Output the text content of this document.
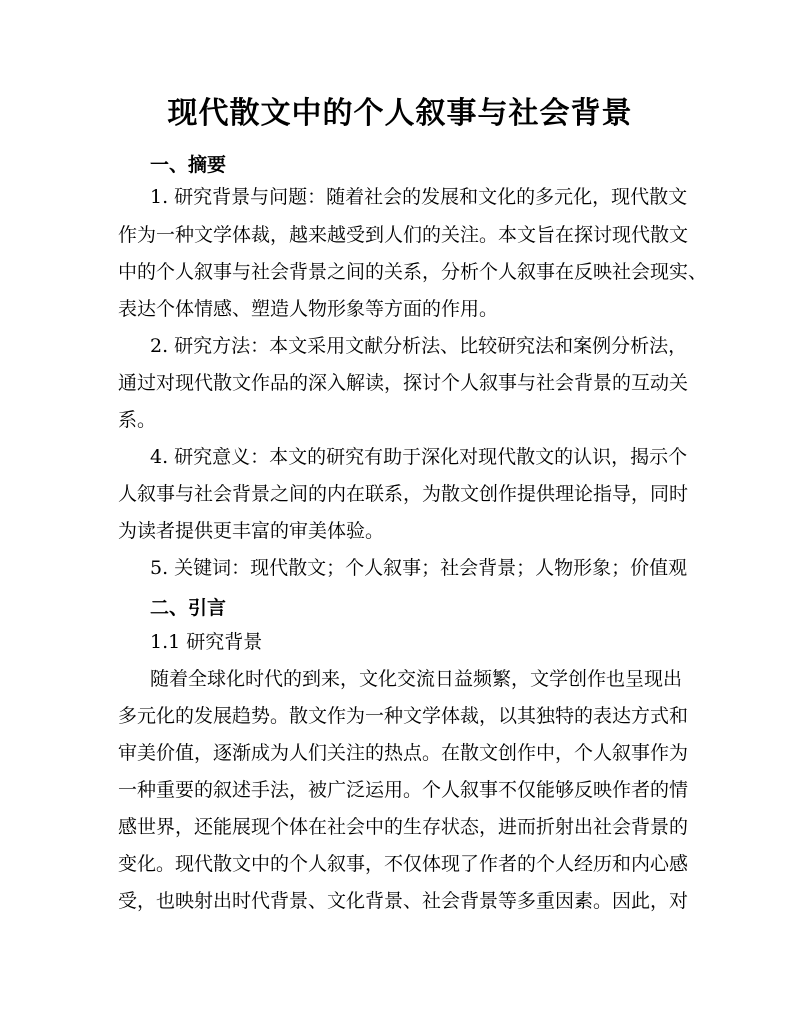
现代散文中的个人叙事与社会背景
一、摘要
1. 研究背景与问题：随着社会的发展和文化的多元化，现代散文
作为一种文学体裁，越来越受到人们的关注。本文旨在探讨现代散文
中的个人叙事与社会背景之间的关系，分析个人叙事在反映社会现实、
表达个体情感、塑造人物形象等方面的作用。
2. 研究方法：本文采用文献分析法、比较研究法和案例分析法，
通过对现代散文作品的深入解读，探讨个人叙事与社会背景的互动关
系。
4. 研究意义：本文的研究有助于深化对现代散文的认识，揭示个
人叙事与社会背景之间的内在联系，为散文创作提供理论指导，同时
为读者提供更丰富的审美体验。
5. 关键词：现代散文；个人叙事；社会背景；人物形象；价值观
二、引言
1.1 研究背景
随着全球化时代的到来，文化交流日益频繁，文学创作也呈现出
多元化的发展趋势。散文作为一种文学体裁，以其独特的表达方式和
审美价值，逐渐成为人们关注的热点。在散文创作中，个人叙事作为
一种重要的叙述手法，被广泛运用。个人叙事不仅能够反映作者的情
感世界，还能展现个体在社会中的生存状态，进而折射出社会背景的
变化。现代散文中的个人叙事，不仅体现了作者的个人经历和内心感
受，也映射出时代背景、文化背景、社会背景等多重因素。因此，对
